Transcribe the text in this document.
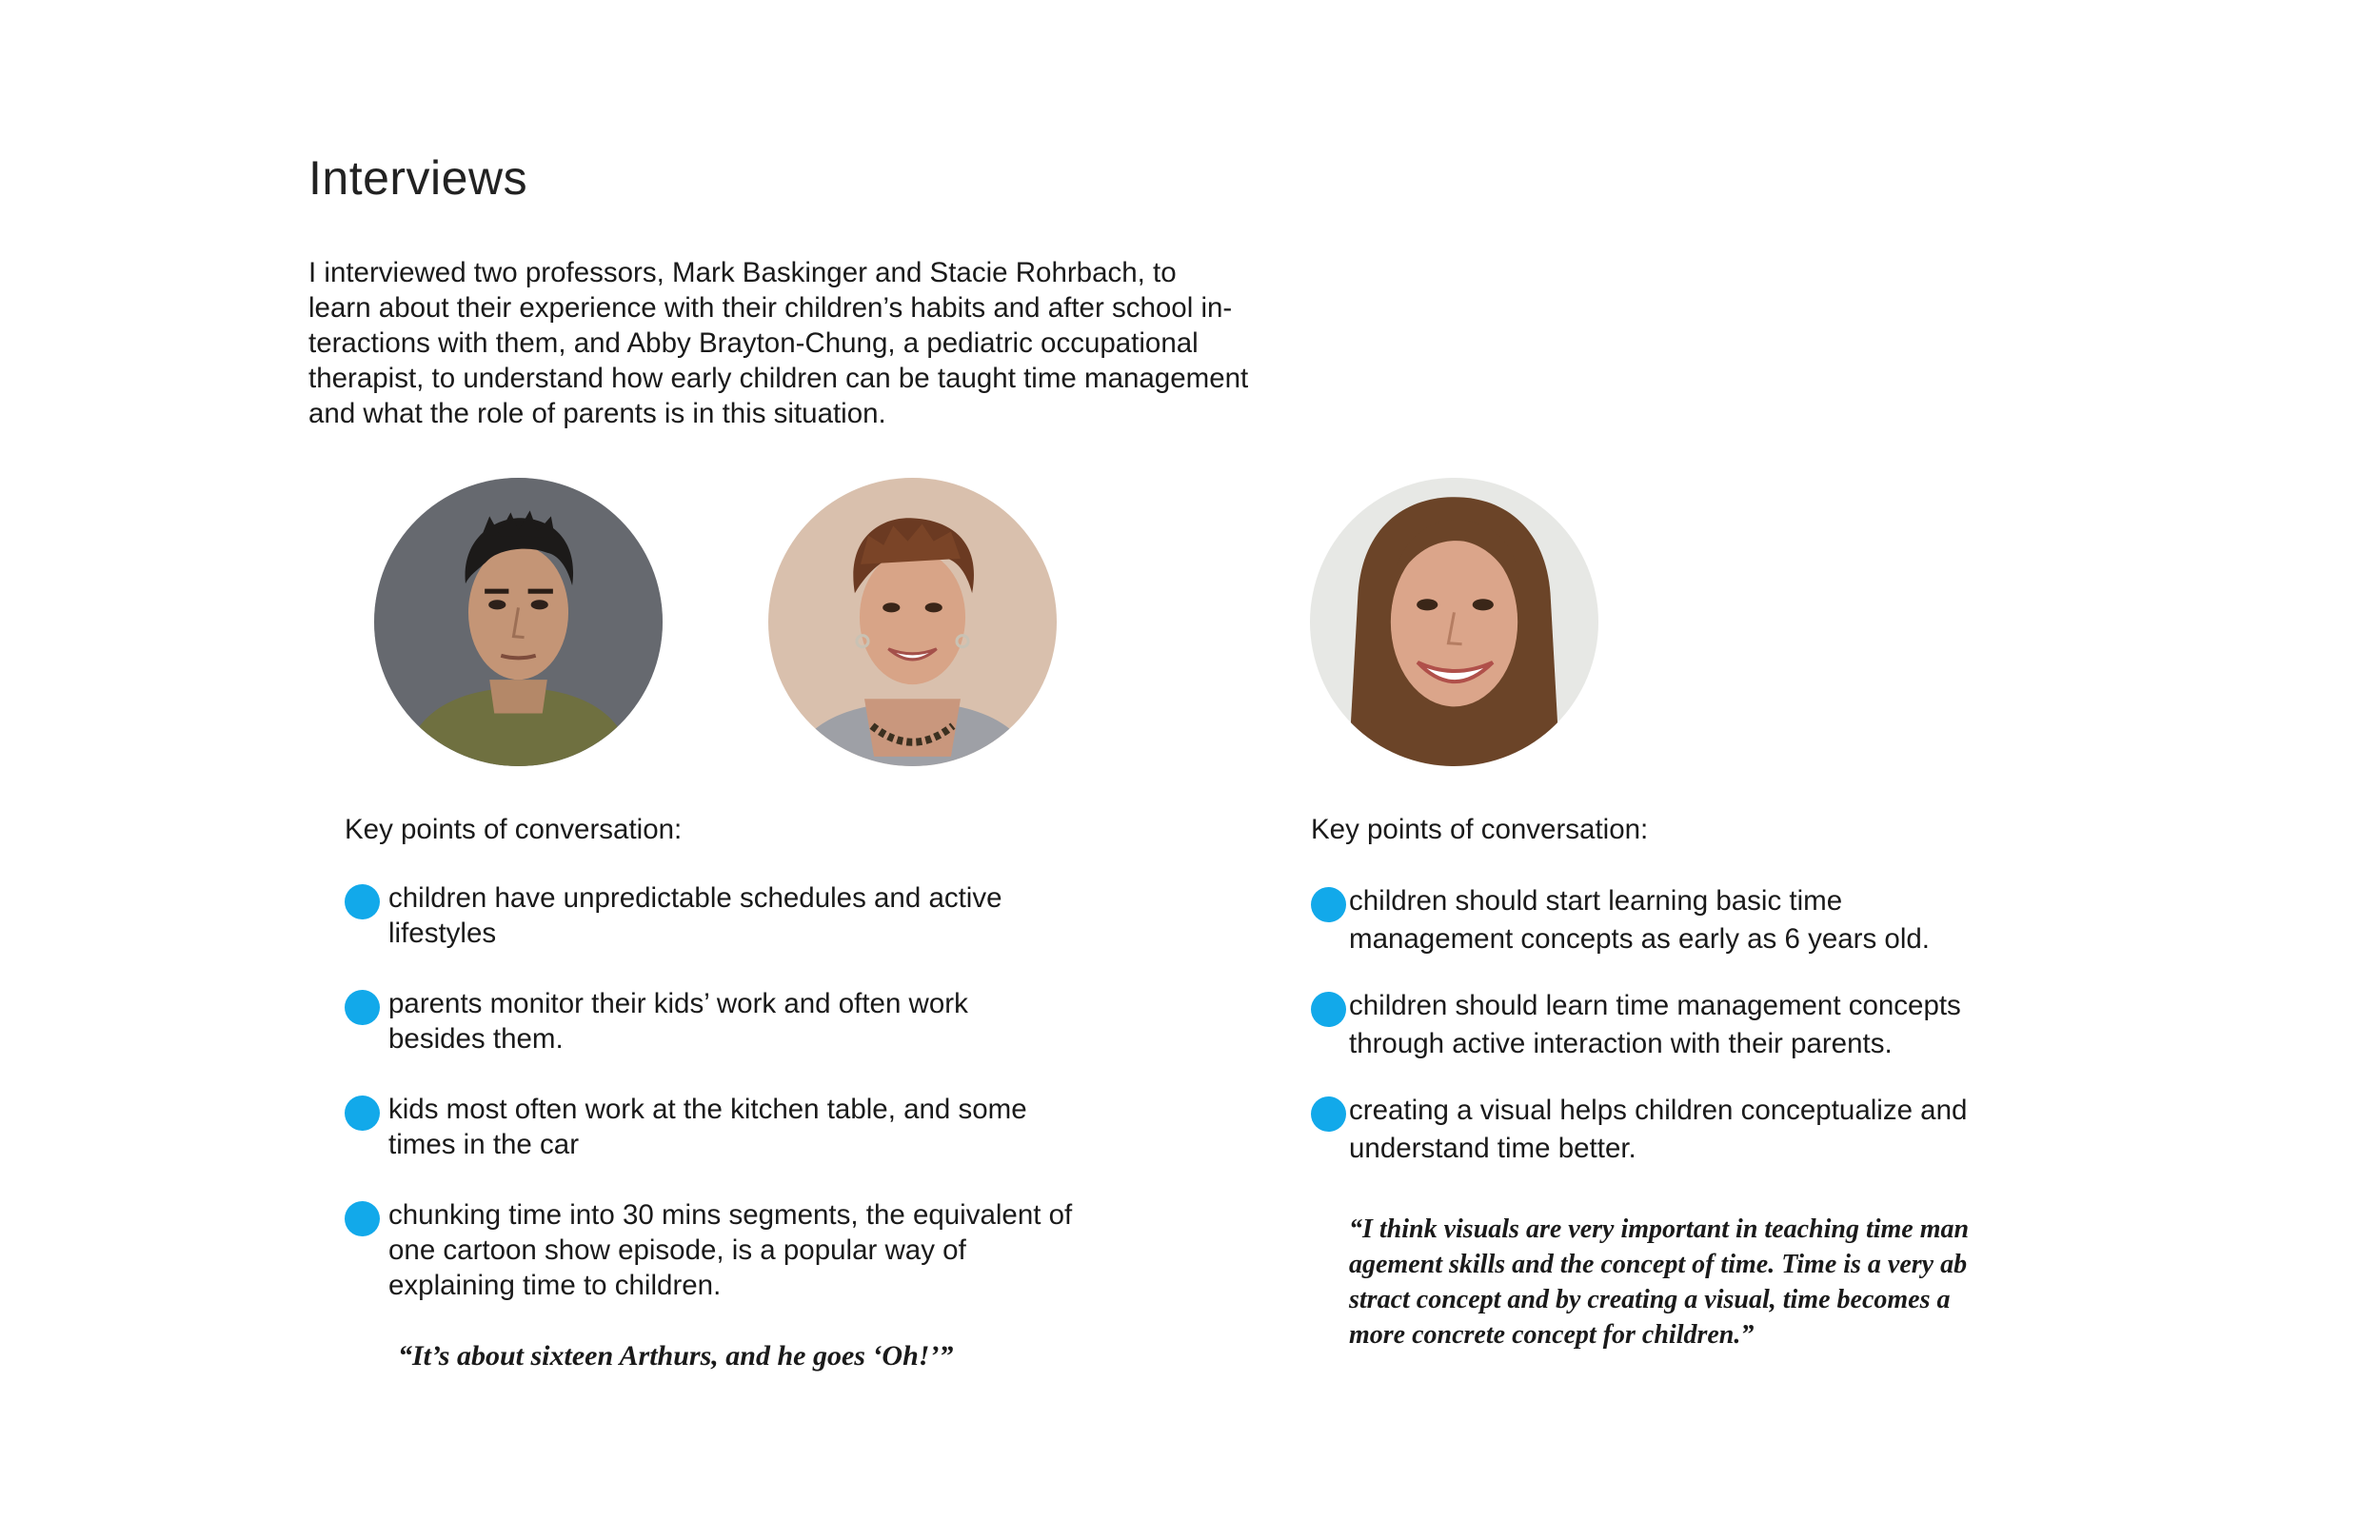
Interviews

I interviewed two professors, Mark Baskinger and Stacie Rohrbach, to
learn about their experience with their children’s habits and after school in-
teractions with them, and Abby Brayton-Chung, a pediatric occupational
therapist, to understand how early children can be taught time management
and what the role of parents is in this situation.

Key points of conversation:

children have unpredictable schedules and active
lifestyles
parents monitor their kids’ work and often work
besides them.
kids most often work at the kitchen table, and some
times in the car
chunking time into 30 mins segments, the equivalent of
one cartoon show episode, is a popular way of
explaining time to children.

“It’s about sixteen Arthurs, and he goes ‘Oh!’”

Key points of conversation:

children should start learning basic time
management concepts as early as 6 years old.
children should learn time management concepts
through active interaction with their parents.
creating a visual helps children conceptualize and
understand time better.

“I think visuals are very important in teaching time man
agement skills and the concept of time. Time is a very ab
stract concept and by creating a visual, time becomes a
more concrete concept for children.”
